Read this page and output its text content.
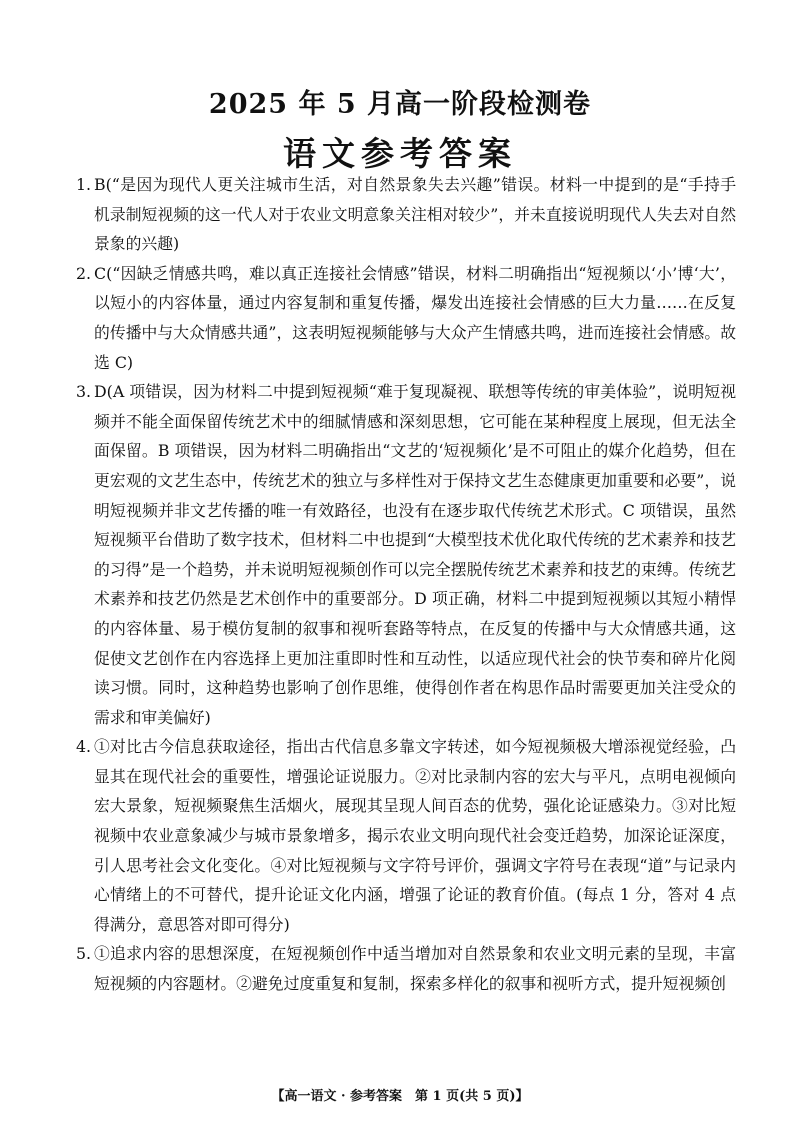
2025 年 5 月高一阶段检测卷
语文参考答案
1. B(“是因为现代人更关注城市生活，对自然景象失去兴趣”错误。材料一中提到的是“手持手机录制短视频的这一代人对于农业文明意象关注相对较少”，并未直接说明现代人失去对自然景象的兴趣)
2. C(“因缺乏情感共鸣，难以真正连接社会情感”错误，材料二明确指出“短视频以‘小’博‘大’，以短小的内容体量，通过内容复制和重复传播，爆发出连接社会情感的巨大力量……在反复的传播中与大众情感共通”，这表明短视频能够与大众产生情感共鸣，进而连接社会情感。故选 C)
3. D(A 项错误，因为材料二中提到短视频“难于复现凝视、联想等传统的审美体验”，说明短视频并不能全面保留传统艺术中的细腻情感和深刻思想，它可能在某种程度上展现，但无法全面保留。B 项错误，因为材料二明确指出“文艺的‘短视频化’是不可阻止的媒介化趋势，但在更宏观的文艺生态中，传统艺术的独立与多样性对于保持文艺生态健康更加重要和必要”，说明短视频并非文艺传播的唯一有效路径，也没有在逐步取代传统艺术形式。C 项错误，虽然短视频平台借助了数字技术，但材料二中也提到“大模型技术优化取代传统的艺术素养和技艺的习得”是一个趋势，并未说明短视频创作可以完全摆脱传统艺术素养和技艺的束缚。传统艺术素养和技艺仍然是艺术创作中的重要部分。D 项正确，材料二中提到短视频以其短小精悍的内容体量、易于模仿复制的叙事和视听套路等特点，在反复的传播中与大众情感共通，这促使文艺创作在内容选择上更加注重即时性和互动性，以适应现代社会的快节奏和碎片化阅读习惯。同时，这种趋势也影响了创作思维，使得创作者在构思作品时需要更加关注受众的需求和审美偏好)
4. ①对比古今信息获取途径，指出古代信息多靠文字转述，如今短视频极大增添视觉经验，凸显其在现代社会的重要性，增强论证说服力。②对比录制内容的宏大与平凡，点明电视倾向宏大景象，短视频聚焦生活烟火，展现其呈现人间百态的优势，强化论证感染力。③对比短视频中农业意象减少与城市景象增多，揭示农业文明向现代社会变迁趋势，加深论证深度，引人思考社会文化变化。④对比短视频与文字符号评价，强调文字符号在表现“道”与记录内心情绪上的不可替代，提升论证文化内涵，增强了论证的教育价值。(每点 1 分，答对 4 点得满分，意思答对即可得分)
5. ①追求内容的思想深度，在短视频创作中适当增加对自然景象和农业文明元素的呈现，丰富短视频的内容题材。②避免过度重复和复制，探索多样化的叙事和视听方式，提升短视频创
【高一语文 · 参考答案　第 1 页(共 5 页)】
